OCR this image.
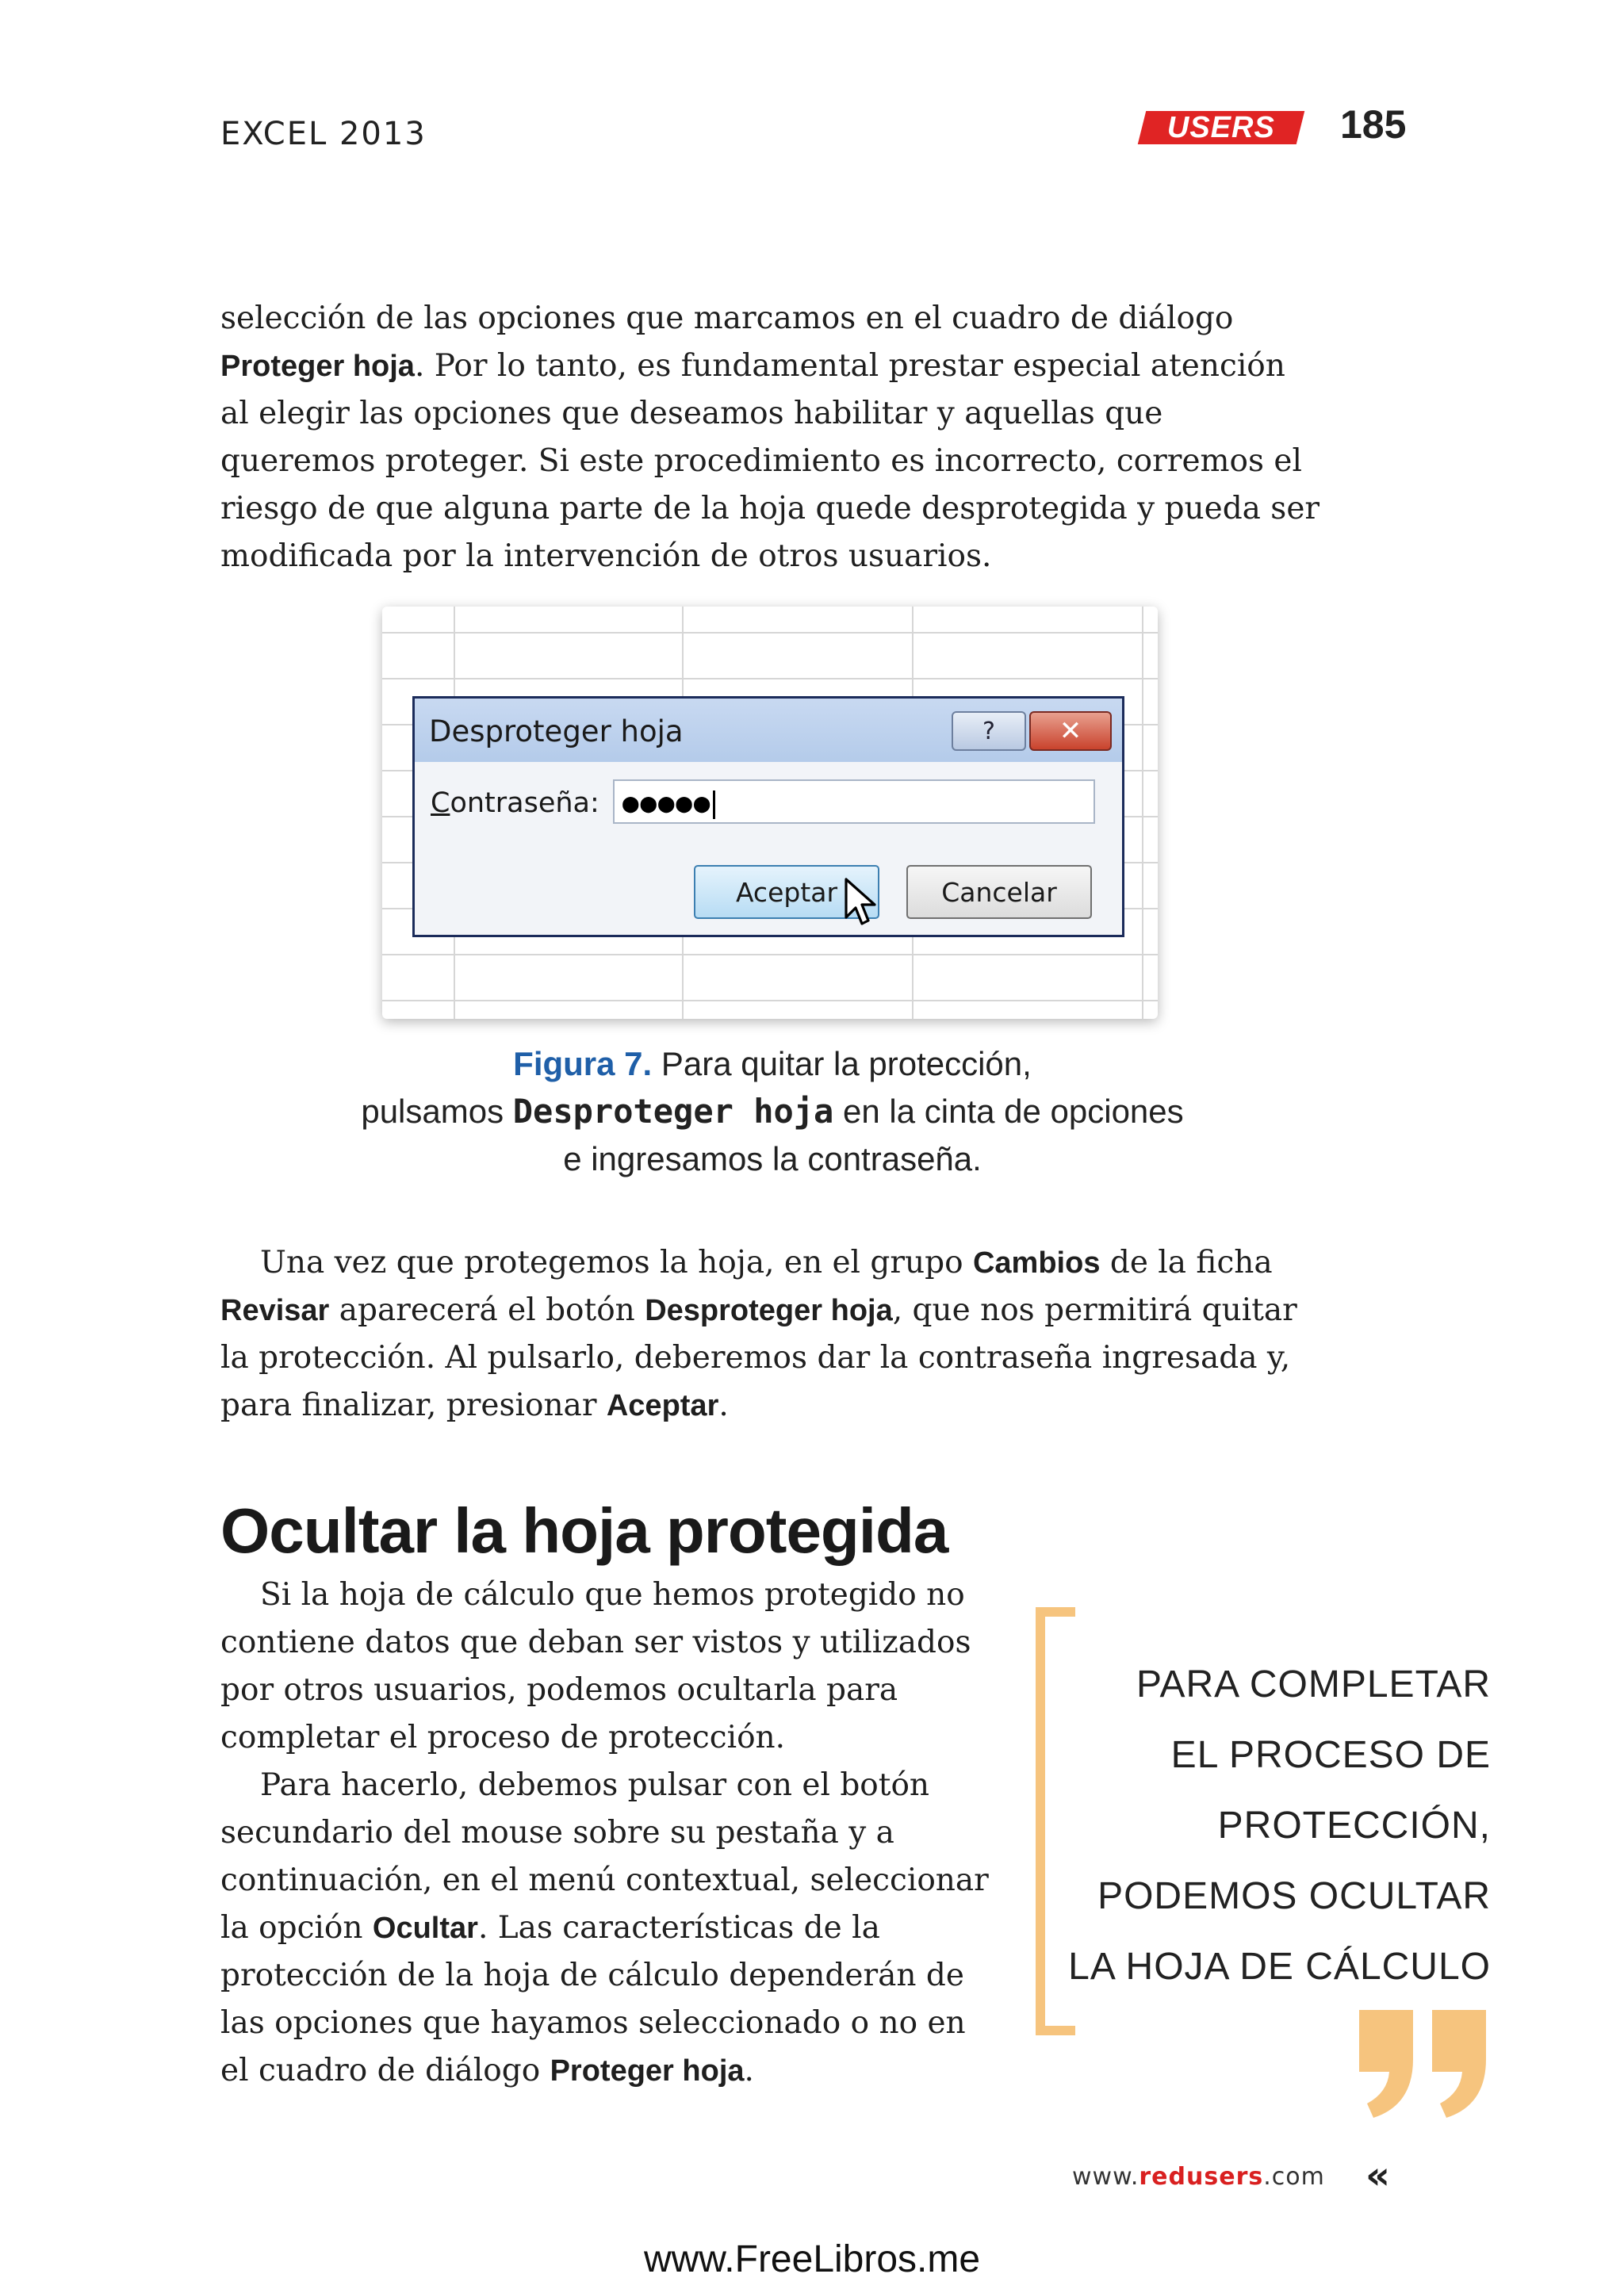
EXCEL 2013	USERS 185

selección de las opciones que marcamos en el cuadro de diálogo Proteger hoja. Por lo tanto, es fundamental prestar especial atención al elegir las opciones que deseamos habilitar y aquellas que queremos proteger. Si este procedimiento es incorrecto, corremos el riesgo de que alguna parte de la hoja quede desprotegida y pueda ser modificada por la intervención de otros usuarios.

Desproteger hoja	?	✕
Contraseña: ●●●●●
Aceptar	Cancelar
Figura 7. Para quitar la protección,
pulsamos Desproteger hoja en la cinta de opciones
e ingresamos la contraseña.

Una vez que protegemos la hoja, en el grupo Cambios de la ficha Revisar aparecerá el botón Desproteger hoja, que nos permitirá quitar la protección. Al pulsarlo, deberemos dar la contraseña ingresada y, para finalizar, presionar Aceptar.

Ocultar la hoja protegida

Si la hoja de cálculo que hemos protegido no contiene datos que deban ser vistos y utilizados por otros usuarios, podemos ocultarla para completar el proceso de protección.

Para hacerlo, debemos pulsar con el botón secundario del mouse sobre su pestaña y a continuación, en el menú contextual, seleccionar la opción Ocultar. Las características de la protección de la hoja de cálculo dependerán de las opciones que hayamos seleccionado o no en el cuadro de diálogo Proteger hoja.

PARA COMPLETAR
EL PROCESO DE
PROTECCIÓN,
PODEMOS OCULTAR
LA HOJA DE CÁLCULO
www.redusers.com «
www.FreeLibros.me
